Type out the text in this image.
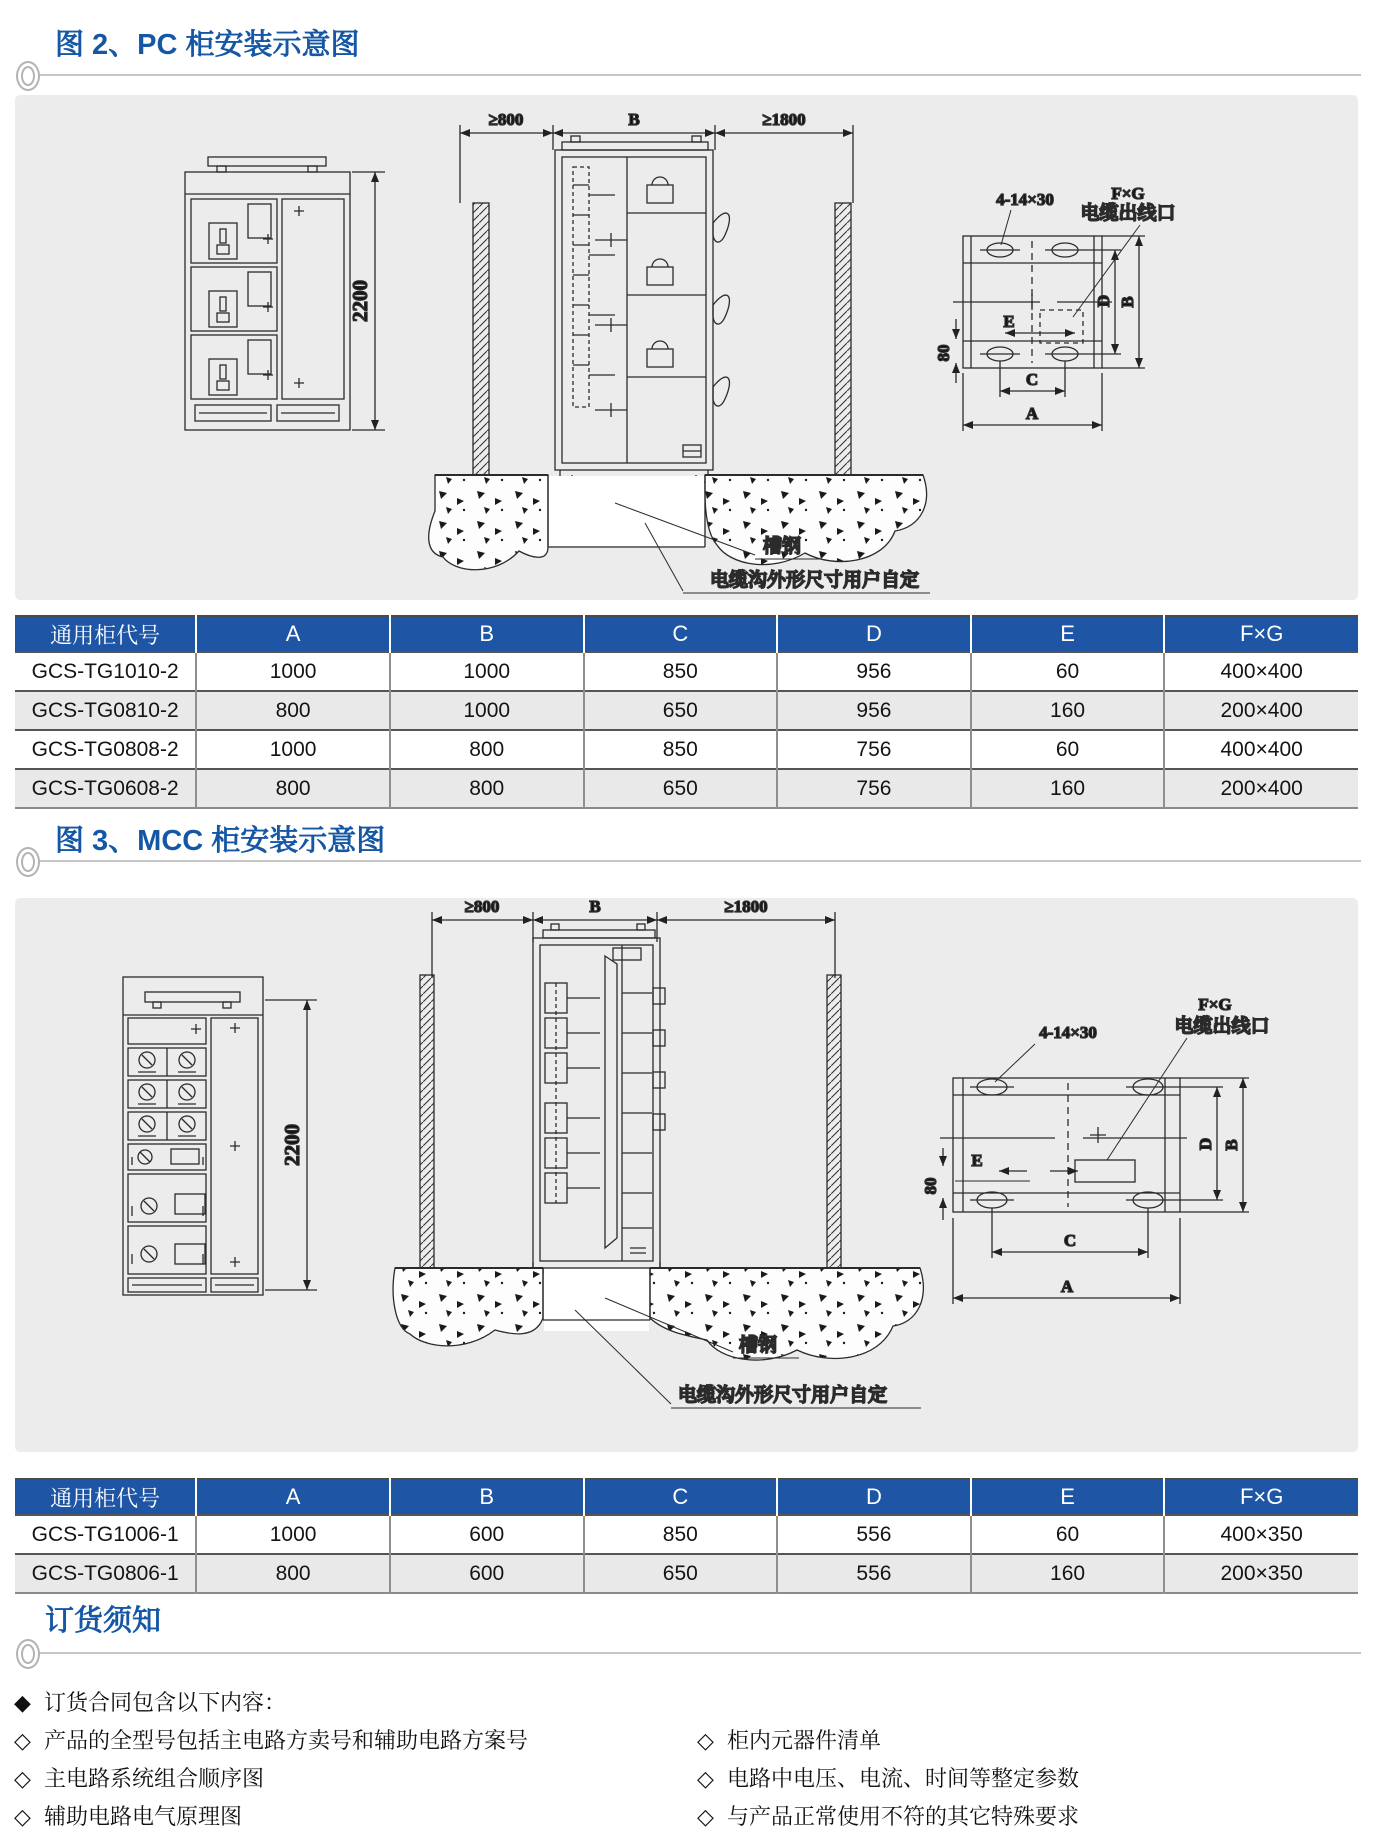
图 2、PC 柜安装示意图
2200
≥800	B	≥1800
槽钢
电缆沟外形尺寸用户自定
E
80
C
A
D B
4-14×30	F×G
电缆出线口
通用柜代号	A	B	C	D	E	F×G
GCS-TG1010-2	1000	1000	850	956	60	400×400
GCS-TG0810-2	800	1000	650	956	160	200×400
GCS-TG0808-2	1000	800	850	756	60	400×400
GCS-TG0608-2	800	800	650	756	160	200×400
图 3、MCC 柜安装示意图
2200
≥800	B	≥1800
槽钢
电缆沟外形尺寸用户自定
E
80
C
A
D B
4-14×30
F×G
电缆出线口
通用柜代号	A	B	C	D	E	F×G
GCS-TG1006-1	1000	600	850	556	60	400×350
GCS-TG0806-1	800	600	650	556	160	200×350
订货须知
◆ 订货合同包含以下内容：
◇ 产品的全型号包括主电路方卖号和辅助电路方案号
◇ 主电路系统组合顺序图
◇ 辅助电路电气原理图
◇ 柜内元器件清单
◇ 电路中电压、电流、时间等整定参数
◇ 与产品正常使用不符的其它特殊要求
